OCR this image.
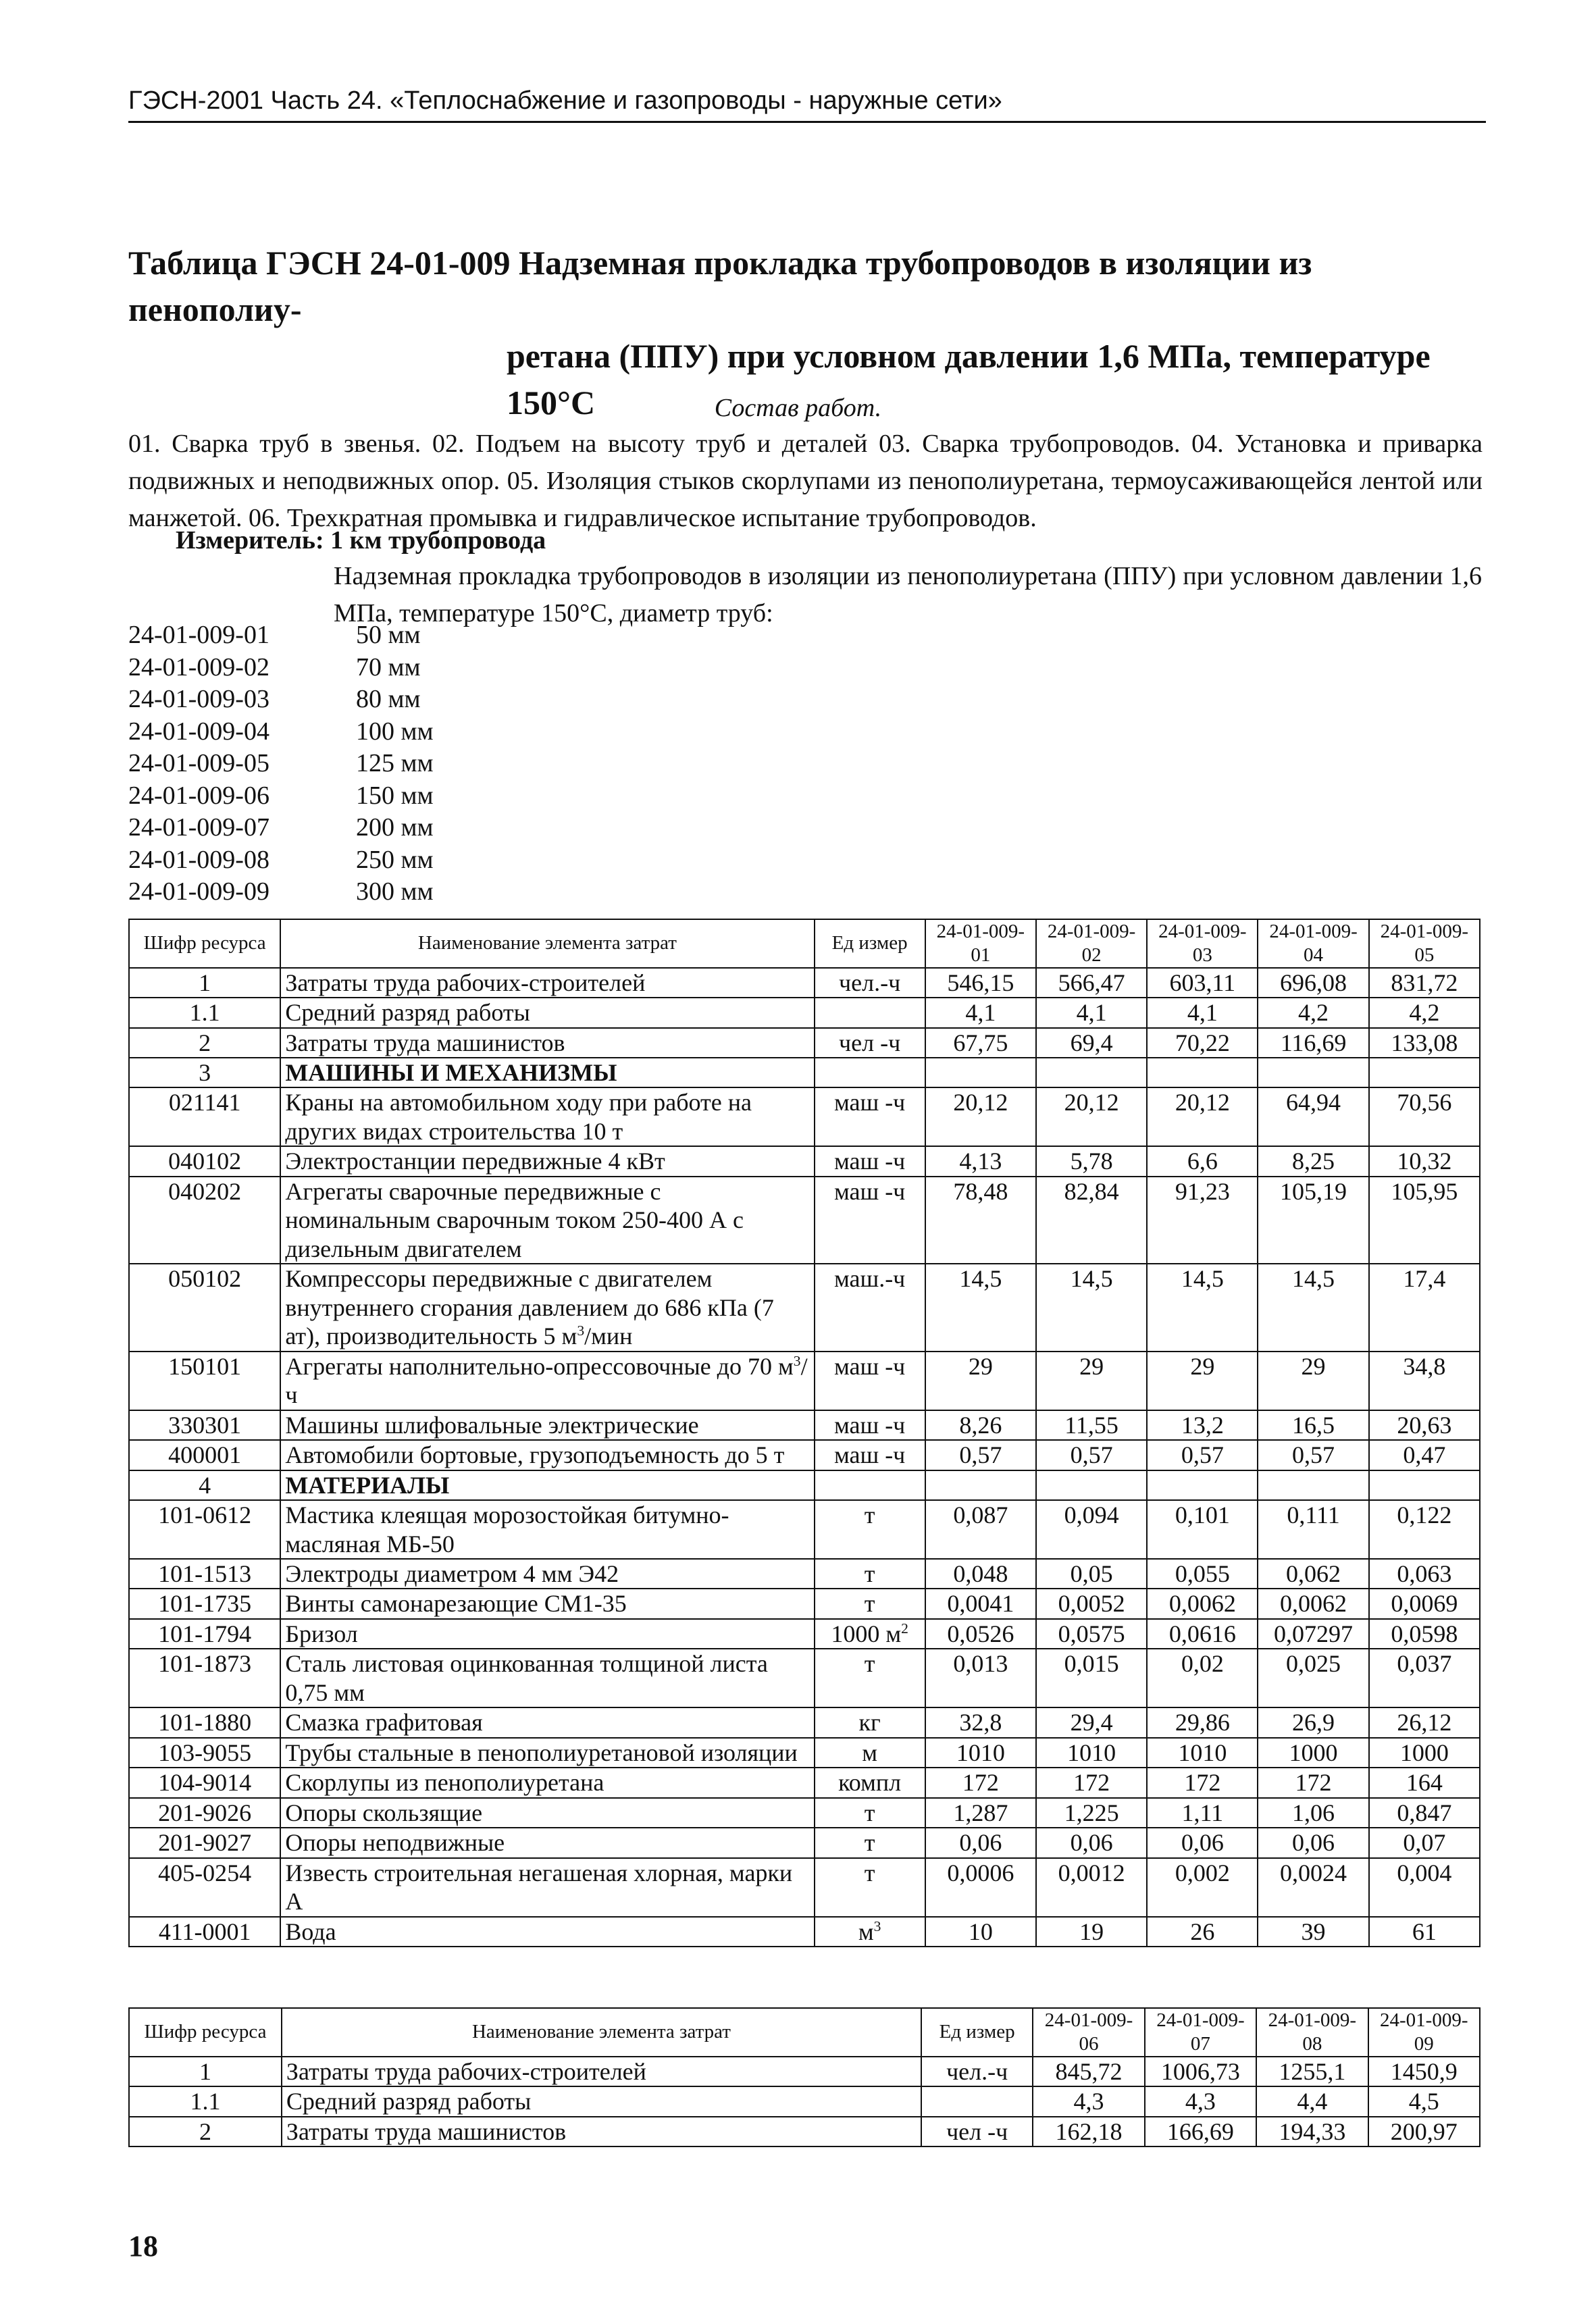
ГЭСН-2001 Часть 24. «Теплоснабжение и газопроводы - наружные сети»
Таблица ГЭСН 24-01-009 Надземная прокладка трубопроводов в изоляции из пенополиу-
ретана (ППУ) при условном давлении 1,6 МПа, температуре
150°С	Состав работ.
01. Сварка труб в звенья. 02. Подъем на высоту труб и деталей 03. Сварка трубопроводов. 04. Установка и приварка подвижных и неподвижных опор. 05. Изоляция стыков скорлупами из пенополиуретана, термоусаживающейся лентой или манжетой. 06. Трехкратная промывка и гидравлическое испытание трубопроводов.
Измеритель: 1 км трубопровода
Надземная прокладка трубопроводов в изоляции из пенополиуретана (ППУ) при условном давлении 1,6 МПа, температуре 150°С, диаметр труб:
24-01-009-01	50 мм
24-01-009-02	70 мм
24-01-009-03	80 мм
24-01-009-04	100 мм
24-01-009-05	125 мм
24-01-009-06	150 мм
24-01-009-07	200 мм
24-01-009-08	250 мм
24-01-009-09	300 мм
Шифр ресурса	Наименование элемента затрат	Ед измер	24-01-009-01	24-01-009-02	24-01-009-03	24-01-009-04	24-01-009-05
1	Затраты труда рабочих-строителей	чел.-ч	546,15	566,47	603,11	696,08	831,72
1.1	Средний разряд работы		4,1	4,1	4,1	4,2	4,2
2	Затраты труда машинистов	чел -ч	67,75	69,4	70,22	116,69	133,08
3	МАШИНЫ И МЕХАНИЗМЫ						
021141	Краны на автомобильном ходу при работе на других видах строительства 10 т	маш -ч	20,12	20,12	20,12	64,94	70,56
040102	Электростанции передвижные 4 кВт	маш -ч	4,13	5,78	6,6	8,25	10,32
040202	Агрегаты сварочные передвижные с номинальным сварочным током 250-400 А с дизельным двигателем	маш -ч	78,48	82,84	91,23	105,19	105,95
050102	Компрессоры передвижные с двигателем внутреннего сгорания давлением до 686 кПа (7 ат), производительность 5 $м^3$/мин	маш.-ч	14,5	14,5	14,5	14,5	17,4
150101	Агрегаты наполнительно-опрессовочные до 70 $м^3/ч$	маш -ч	29	29	29	29	34,8
330301	Машины шлифовальные электрические	маш -ч	8,26	11,55	13,2	16,5	20,63
400001	Автомобили бортовые, грузоподъемность до 5 т	маш -ч	0,57	0,57	0,57	0,57	0,47
4	МАТЕРИАЛЫ						
101-0612	Мастика клеящая морозостойкая битумно-масляная МБ-50	т	0,087	0,094	0,101	0,111	0,122
101-1513	Электроды диаметром 4 мм Э42	т	0,048	0,05	0,055	0,062	0,063
101-1735	Винты самонарезающие СМ1-35	т	0,0041	0,0052	0,0062	0,0062	0,0069
101-1794	Бризол	1000 $м^2$	0,0526	0,0575	0,0616	0,07297	0,0598
101-1873	Сталь листовая оцинкованная толщиной листа 0,75 мм	т	0,013	0,015	0,02	0,025	0,037
101-1880	Смазка графитовая	кг	32,8	29,4	29,86	26,9	26,12
103-9055	Трубы стальные в пенополиуретановой изоляции	м	1010	1010	1010	1000	1000
104-9014	Скорлупы из пенополиуретана	компл	172	172	172	172	164
201-9026	Опоры скользящие	т	1,287	1,225	1,11	1,06	0,847
201-9027	Опоры неподвижные	т	0,06	0,06	0,06	0,06	0,07
405-0254	Известь строительная негашеная хлорная, марки А	т	0,0006	0,0012	0,002	0,0024	0,004
411-0001	Вода	$м^3$	10	19	26	39	61
Шифр ресурса	Наименование элемента затрат	Ед измер	24-01-009-06	24-01-009-07	24-01-009-08	24-01-009-09
1	Затраты труда рабочих-строителей	чел.-ч	845,72	1006,73	1255,1	1450,9
1.1	Средний разряд работы		4,3	4,3	4,4	4,5
2	Затраты труда машинистов	чел -ч	162,18	166,69	194,33	200,97
18
